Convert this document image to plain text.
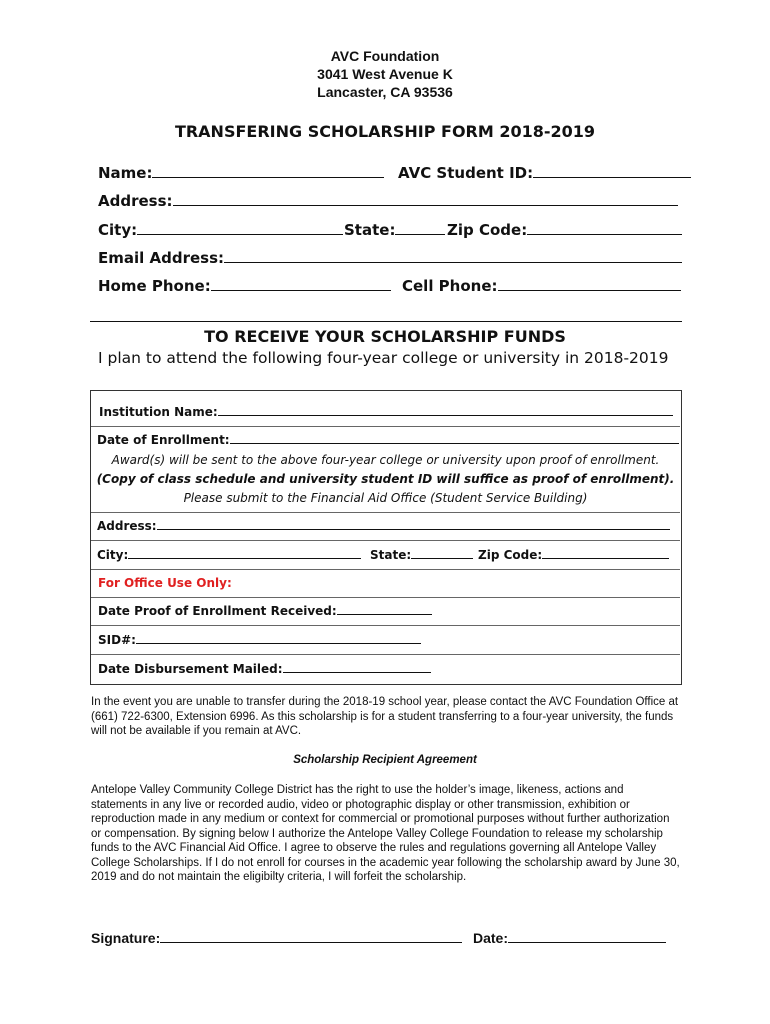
AVC Foundation
3041 West Avenue K
Lancaster, CA 93536
TRANSFERING SCHOLARSHIP FORM 2018-2019
Name:	AVC Student ID:
Address:
City:	State:	Zip Code:
Email Address:
Home Phone:	Cell Phone:
TO RECEIVE YOUR SCHOLARSHIP FUNDS
I plan to attend the following four-year college or university in 2018-2019
Institution Name:
Date of Enrollment:
Award(s) will be sent to the above four-year college or university upon proof of enrollment.
(Copy of class schedule and university student ID will suffice as proof of enrollment).
Please submit to the Financial Aid Office (Student Service Building)
Address:
City:	State:	Zip Code:
For Office Use Only:
Date Proof of Enrollment Received:
SID#:
Date Disbursement Mailed:
In the event you are unable to transfer during the 2018-19 school year, please contact the AVC Foundation Office at (661) 722-6300, Extension 6996. As this scholarship is for a student transferring to a four-year university, the funds will not be available if you remain at AVC.
Scholarship Recipient Agreement
Antelope Valley Community College District has the right to use the holder’s image, likeness, actions and statements in any live or recorded audio, video or photographic display or other transmission, exhibition or reproduction made in any medium or context for commercial or promotional purposes without further authorization or compensation. By signing below I authorize the Antelope Valley College Foundation to release my scholarship funds to the AVC Financial Aid Office. I agree to observe the rules and regulations governing all Antelope Valley College Scholarships. If I do not enroll for courses in the academic year following the scholarship award by June 30, 2019 and do not maintain the eligibilty criteria, I will forfeit the scholarship.
Signature:	Date:
